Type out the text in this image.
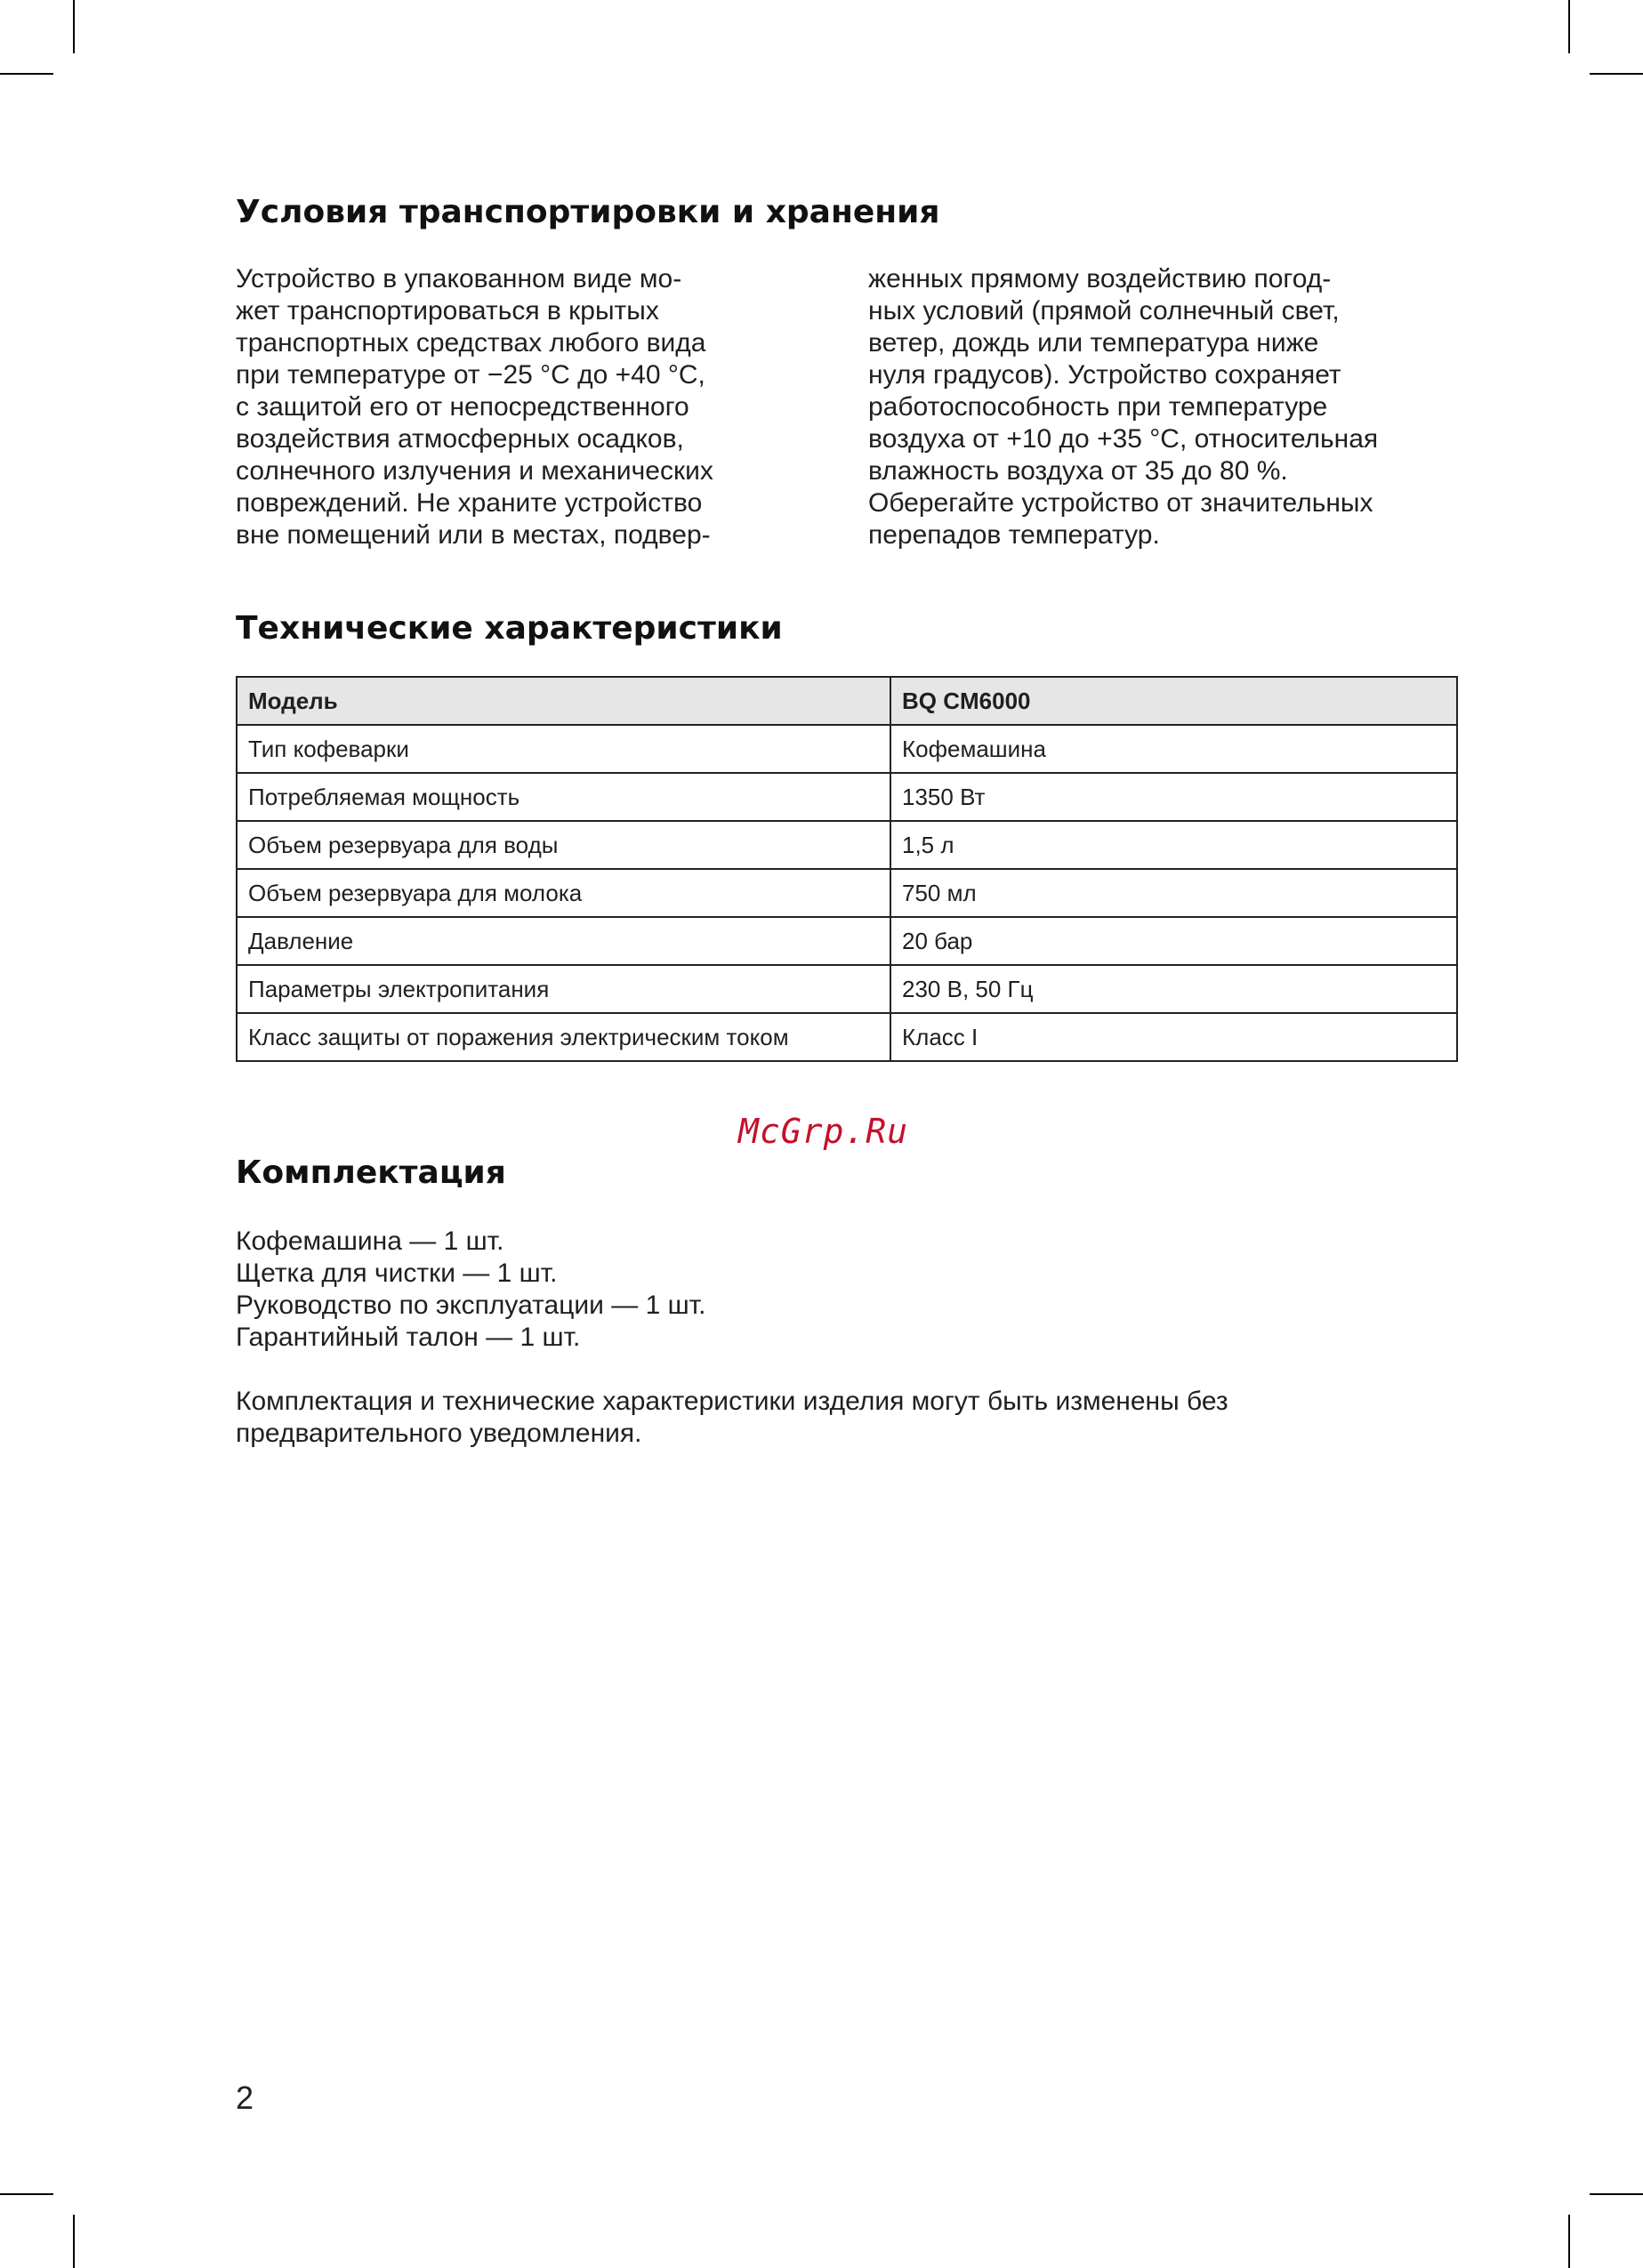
Условия транспортировки и хранения

Устройство в упакованном виде мо-
жет транспортироваться в крытых
транспортных средствах любого вида
при температуре от −25 °C до +40 °C,
с защитой его от непосредственного
воздействия атмосферных осадков,
солнечного излучения и механических
повреждений. Не храните устройство
вне помещений или в местах, подвер-

женных прямому воздействию погод-
ных условий (прямой солнечный свет,
ветер, дождь или температура ниже
нуля градусов). Устройство сохраняет
работоспособность при температуре
воздуха от +10 до +35 °C, относительная
влажность воздуха от 35 до 80 %.
Оберегайте устройство от значительных
перепадов температур.

Технические характеристики
Модель	BQ CM6000
Тип кофеварки	Кофемашина
Потребляемая мощность	1350 Вт
Объем резервуара для воды	1,5 л
Объем резервуара для молока	750 мл
Давление	20 бар
Параметры электропитания	230 В, 50 Гц
Класс защиты от поражения электрическим током	Класс I
McGrp.Ru
Комплектация

Кофемашина — 1 шт.
Щетка для чистки — 1 шт.
Руководство по эксплуатации — 1 шт.
Гарантийный талон — 1 шт.

Комплектация и технические характеристики изделия могут быть изменены без
предварительного уведомления.

2
